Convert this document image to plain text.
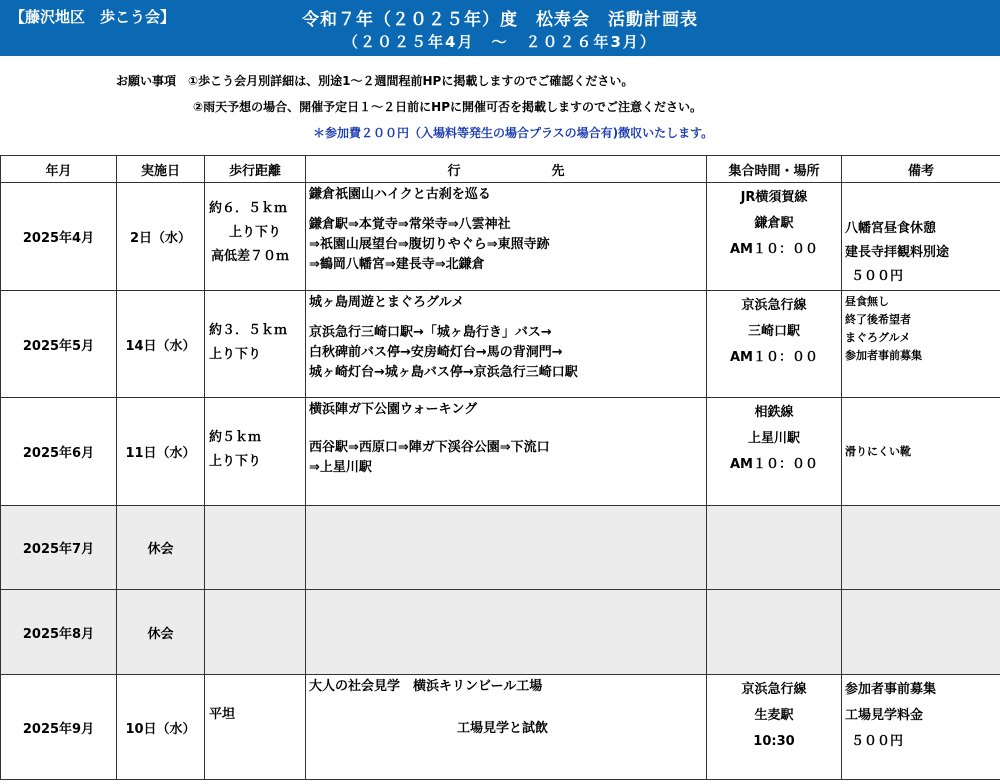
【藤沢地区　歩こう会】	令和７年（２０２５年）度　松寿会　活動計画表
（２０２５年4月　～　２０２６年3月）
お願い事項　①歩こう会月別詳細は、別途1～２週間程前HPに掲載しますのでご確認ください。
②雨天予想の場合、開催予定日１～２日前にHPに開催可否を掲載しますのでご注意ください。
＊参加費２００円（入場料等発生の場合プラスの場合有)徴収いたします。
年月	実施日	歩行距離	行　　　　　　　先	集合時間・場所	備考
2025年4月	2日（水）	約６．５ｋｍ
上り下り
高低差７０ｍ	鎌倉祇園山ハイクと古刹を巡る
鎌倉駅⇒本覚寺⇒常栄寺⇒八雲神社
⇒祇園山展望台⇒腹切りやぐら⇒東照寺跡
⇒鶴岡八幡宮⇒建長寺⇒北鎌倉	JR横須賀線
鎌倉駅
AM１０：００	八幡宮昼食休憩
建長寺拝観料別途
５００円

2025年5月	14日（水）	約３．５ｋｍ
上り下り	城ヶ島周遊とまぐろグルメ
京浜急行三崎口駅→「城ヶ島行き」バス→
白秋碑前バス停→安房崎灯台→馬の背洞門→
城ヶ崎灯台→城ヶ島バス停→京浜急行三崎口駅	京浜急行線
三崎口駅
AM１０：００	昼食無し
終了後希望者
まぐろグルメ
参加者事前募集

2025年6月	11日（水）	約５ｋｍ
上り下り	横浜陣ガ下公園ウォーキング
西谷駅⇒西原口⇒陣ガ下渓谷公園⇒下流口
⇒上星川駅	相鉄線
上星川駅
AM１０：００	滑りにくい靴

2025年7月	休会				
2025年8月	休会				
2025年9月	10日（水）	平坦	大人の社会見学　横浜キリンビール工場
工場見学と試飲	京浜急行線
生麦駅
10:30	参加者事前募集
工場見学料金
５００円
